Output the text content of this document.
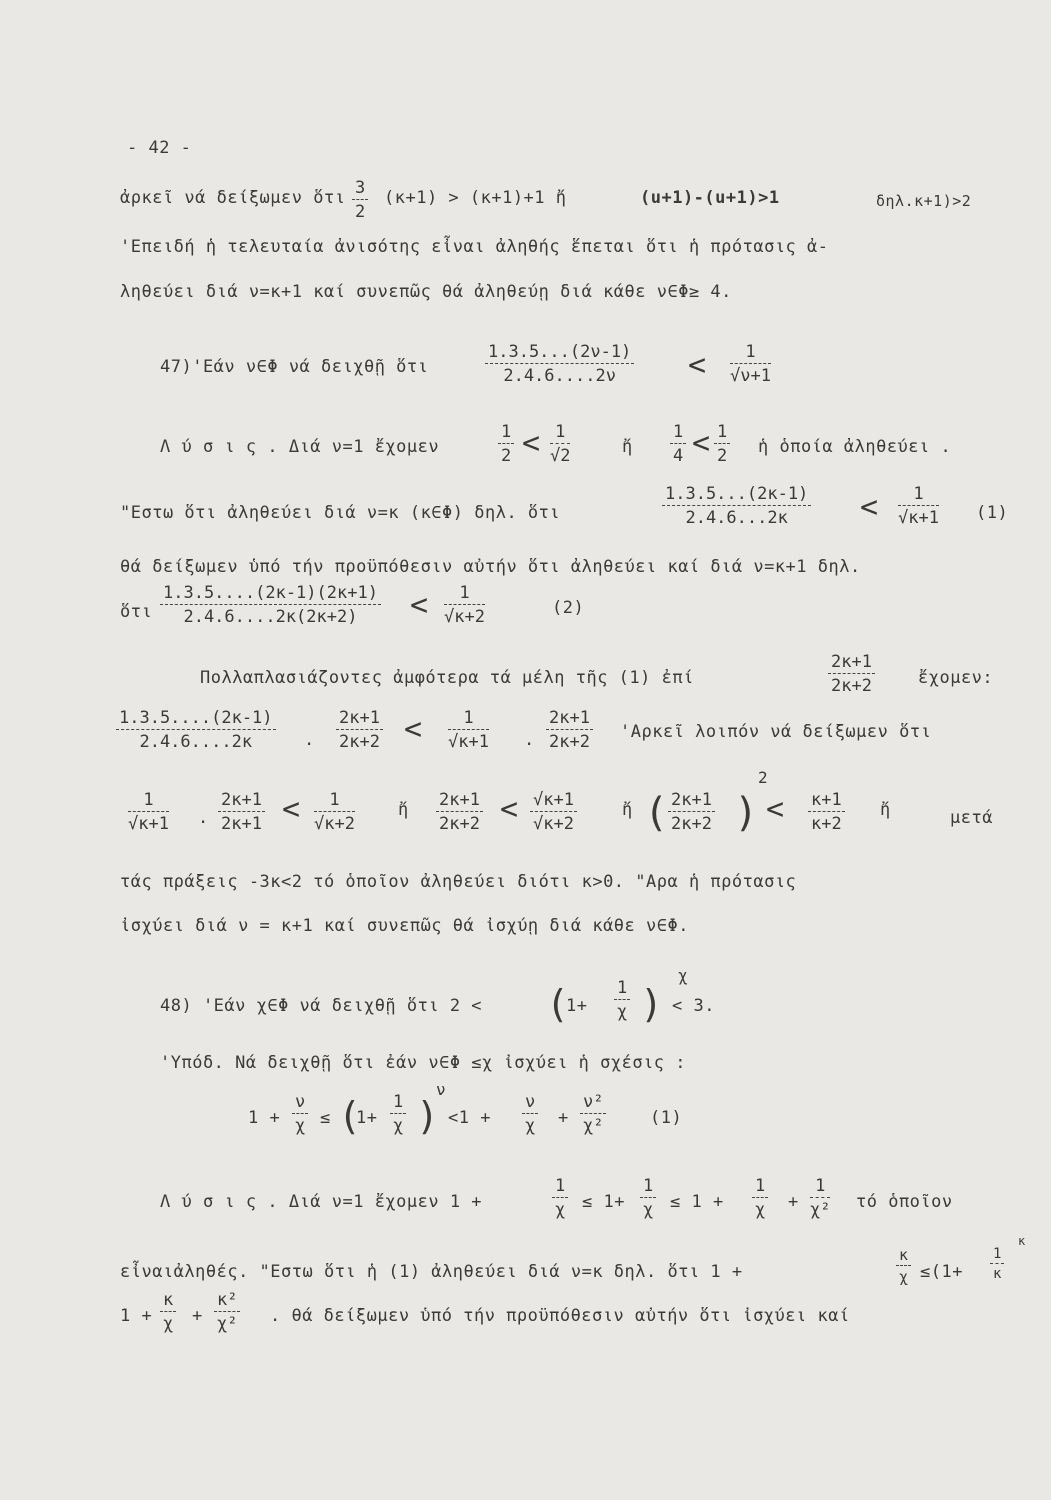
- 42 -
ἀρκεῖ νά δείξωμεν ὅτι $\frac{3}{2} (\kappa+1) > (\kappa+1)+1$ ἤ	(u+1)-(u+1)>1	δηλ.κ+1)>2
'Επειδή ἡ τελευταία ἀνισότης εἶναι ἀληθής ἕπεται ὅτι ἡ πρότασις ἀ-
ληθεύει διά ν=κ+1 καί συνεπῶς θά ἀληθεύῃ διά κάθε ν∈Φ≥ 4.
47)'Εάν ν∈Φ νά δειχθῇ ὅτι	$\frac{1.3.5...(2\nu-1)}{2.4.6....2\nu} < \frac{1}{√\nu+1}$
Λ ύ σ ι ς . Διά ν=1 ἔχομεν	$\frac{1}{2} < \frac{1}{√2}$	ἤ $\frac{1}{4} < \frac{1}{2}$ ἡ ὁποία ἀληθεύει .
"Εστω ὅτι ἀληθεύει διά ν=κ (κ∈Φ) δηλ. ὅτι	$\frac{1.3.5...(2\kappa-1)}{2.4.6...2\kappa} < \frac{1}{√\kappa+1} (1)$
θά δείξωμεν ὑπό τήν προϋπόθεσιν αὐτήν ὅτι ἀληθεύει καί διά ν=κ+1 δηλ.
ὅτι $\frac{1.3.5....(2\kappa-1)(2\kappa+1)}{2.4.6....2\kappa(2\kappa+2)} < \frac{1}{√\kappa+2}$	(2)
Πολλαπλασιάζοντες ἀμφότερα τά μέλη τῆς (1) ἐπί	$\frac{2\kappa+1}{2\kappa+2}$	ἔχομεν:
$\frac{1.3.5....(2\kappa-1)}{2.4.6....2\kappa}$ . $\frac{2\kappa+1}{2\kappa+2} < \frac{1}{√\kappa+1}$ . $\frac{2\kappa+1}{2\kappa+2}$ 'Αρκεῖ λοιπόν νά δείξωμεν ὅτι
$\frac{1}{√\kappa+1}$ . $\frac{2\kappa+1}{2\kappa+1} < \frac{1}{√\kappa+2}$	ἤ $\frac{2\kappa+1}{2\kappa+2} < \frac{√\kappa+1}{√\kappa+2}$	ἤ ( $\frac{2\kappa+1}{2\kappa+2}$ )
2
< $\frac{\kappa+1}{\kappa+2}$ ἤ	μετά
τάς πράξεις -3κ<2 τό ὁποῖον ἀληθεύει διότι κ>0. "Αρα ἡ πρότασις
ἰσχύει διά ν = κ+1 καί συνεπῶς θά ἰσχύῃ διά κάθε ν∈Φ.
48) 'Εάν χ∈Φ νά δειχθῇ ὅτι 2 < (
$1+ \frac{1}{\chi}$ )
χ
< 3.
'Υπόδ. Νά δειχθῇ ὅτι ἐάν ν∈Φ ≤χ ἰσχύει ἡ σχέσις :
$1 + \frac{\nu}{\chi}$ ≤ (
$1+ \frac{1}{\chi}$ )
ν
$<1 + \frac{\nu}{\chi} + \frac{\text{ν²}}{\text{χ²}}$	(1)
Λ ύ σ ι ς . Διά ν=1 ἔχομεν 1 +	$\frac{1}{\chi} \le 1+ \frac{1}{\chi} \le 1 + \frac{1}{\chi} + \frac{1}{\text{χ²}}$ τό ὁποῖον
εἶναιἀληθές. "Εστω ὅτι ἡ (1) ἀληθεύει διά ν=κ δηλ. ὅτι 1 +	$\frac{\kappa}{\chi} \le(1+ \frac{1}{\kappa}$
κ
$1 + \frac{\kappa}{\chi} + \frac{\text{κ²}}{\text{χ²}}$ . θά δείξωμεν ὑπό τήν προϋπόθεσιν αὐτήν ὅτι ἰσχύει καί
